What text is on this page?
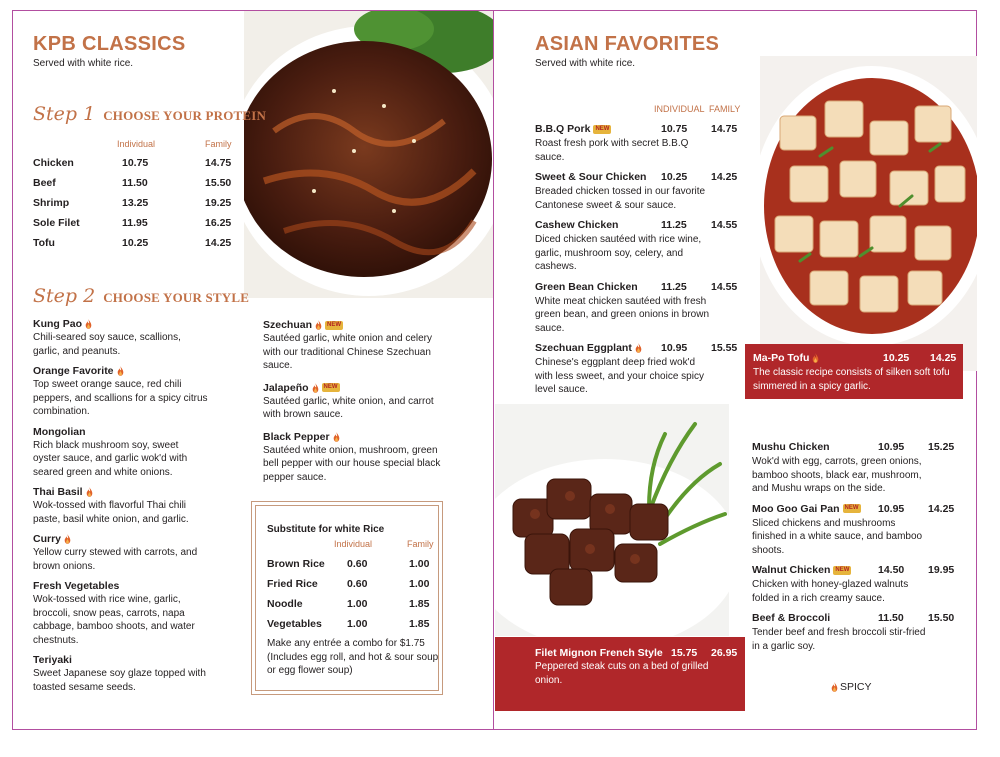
KPB CLASSICS
Served with white rice.
Step 1 CHOOSE YOUR PROTEIN
Individual	Family
Chicken	10.75	14.75
Beef	11.50	15.50
Shrimp	13.25	19.25
Sole Filet	11.95	16.25
Tofu	10.25	14.25
Step 2 CHOOSE YOUR STYLE
Kung Pao
Chili-seared soy sauce, scallions, garlic, and peanuts.
Orange Favorite
Top sweet orange sauce, red chili peppers, and scallions for a spicy citrus combination.
Mongolian
Rich black mushroom soy, sweet oyster sauce, and garlic wok'd with seared green and white onions.
Thai Basil
Wok-tossed with flavorful Thai chili paste, basil white onion, and garlic.
Curry
Yellow curry stewed with carrots, and brown onions.
Fresh Vegetables
Wok-tossed with rice wine, garlic, broccoli, snow peas, carrots, napa cabbage, bamboo shoots, and water chestnuts.
Teriyaki
Sweet Japanese soy glaze topped with toasted sesame seeds.
Szechuan	NEW
Sautéed garlic, white onion and celery with our traditional Chinese Szechuan sauce.
Jalapeño	NEW
Sautéed garlic, white onion, and carrot with brown sauce.
Black Pepper
Sautéed white onion, mushroom, green bell pepper with our house special black pepper sauce.
Substitute for white Rice
Individual	Family
Brown Rice 0.60	1.00
Fried Rice	0.60	1.00
Noodle	1.00	1.85
Vegetables 1.00	1.85
Make any entrée a combo for $1.75 (Includes egg roll, and hot & sour soup or egg flower soup)
ASIAN FAVORITES
Served with white rice.
INDIVIDUAL FAMILY
B.B.Q Pork NEW	10.75 14.75
Roast fresh pork with secret B.B.Q sauce.
Sweet & Sour Chicken 10.25 14.25
Breaded chicken tossed in our favorite Cantonese sweet & sour sauce.
Cashew Chicken	11.25 14.55
Diced chicken sautéed with rice wine, garlic, mushroom soy, celery, and cashews.
Green Bean Chicken 11.25 14.55
White meat chicken sautéed with fresh green bean, and green onions in brown sauce.
Szechuan Eggplant	10.95 15.55
Chinese's eggplant deep fried wok'd with less sweet, and your choice spicy level sauce.
Ma-Po Tofu	10.25 14.25
The classic recipe consists of silken soft tofu simmered in a spicy garlic.
Filet Mignon French Style 15.75 26.95
Peppered steak cuts on a bed of grilled onion.
Mushu Chicken	10.95 15.25
Wok'd with egg, carrots, green onions, bamboo shoots, black ear, mushroom, and Mushu wraps on the side.
Moo Goo Gai Pan NEW 10.95 14.25
Sliced chickens and mushrooms finished in a white sauce, and bamboo shoots.
Walnut Chicken NEW	14.50 19.95
Chicken with honey-glazed walnuts folded in a rich creamy sauce.
Beef & Broccoli	11.50 15.50
Tender beef and fresh broccoli stir-fried in a garlic soy.
SPICY
